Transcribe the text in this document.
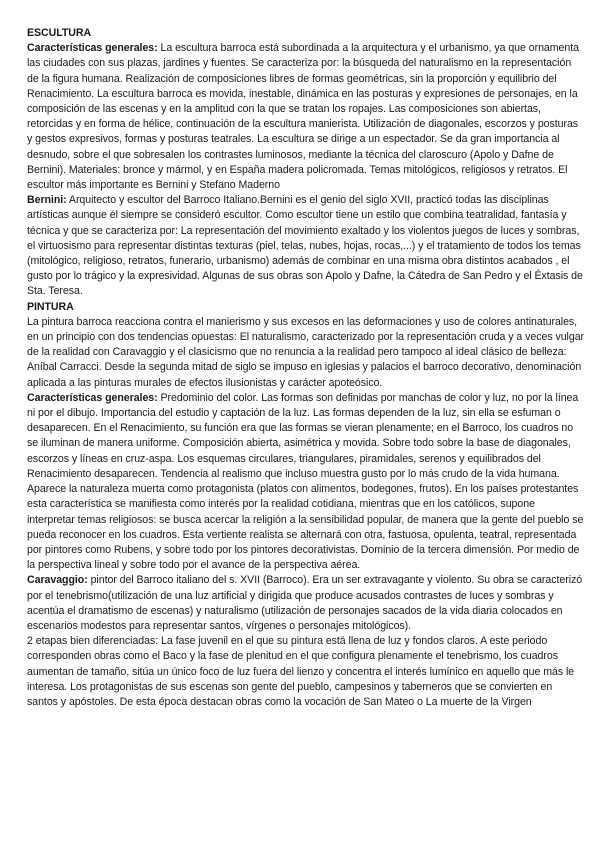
ESCULTURA

Características generales: La escultura barroca está subordinada a la arquitectura y el urbanismo, ya que ornamenta las ciudades con sus plazas, jardines y fuentes. Se caracteriza por: la búsqueda del naturalismo en la representación de la figura humana. Realización de composiciones libres de formas geométricas, sin la proporción y equilibrio del Renacimiento. La escultura barroca es movida, inestable, dinámica en las posturas y expresiones de personajes, en la composición de las escenas y en la amplitud con la que se tratan los ropajes. Las composiciones son abiertas, retorcidas y en forma de hélice, continuación de la escultura manierista. Utilización de diagonales, escorzos y posturas y gestos expresivos, formas y posturas teatrales. La escultura se dirige a un espectador. Se da gran importancia al desnudo, sobre el que sobresalen los contrastes luminosos, mediante la técnica del claroscuro (Apolo y Dafne de Bernini). Materiales: bronce y mármol, y en España madera policromada. Temas mitológicos, religiosos y retratos. El escultor más importante es Bernini y Stefano Maderno

Bernini: Arquitecto y escultor del Barroco Italiano.Bernini es el genio del siglo XVII, practicó todas las disciplinas artísticas aunque él siempre se consideró escultor. Como escultor tiene un estilo que combina teatralidad, fantasía y técnica y que se caracteriza por: La representación del movimiento exaltado y los violentos juegos de luces y sombras, el virtuosismo para representar distintas texturas (piel, telas, nubes, hojas, rocas,...) y el tratamiento de todos los temas (mitológico, religioso, retratos, funerario, urbanismo) además de combinar en una misma obra distintos acabados , el gusto por lo trágico y la expresividad. Algunas de sus obras son Apolo y Dafne, la Cátedra de San Pedro y el Éxtasis de Sta. Teresa.

PINTURA

La pintura barroca reacciona contra el manierismo y sus excesos en las deformaciones y uso de colores antinaturales, en un principio con dos tendencias opuestas: El naturalismo, caracterizado por la representación cruda y a veces vulgar de la realidad con Caravaggio y el clasicismo que no renuncia a la realidad pero tampoco al ideal clásico de belleza: Aníbal Carracci. Desde la segunda mitad de siglo se impuso en iglesias y palacios el barroco decorativo, denominación aplicada a las pinturas murales de efectos ilusionistas y carácter apoteósico.

Características generales: Predominio del color. Las formas son definidas por manchas de color y luz, no por la línea ni por el dibujo. Importancia del estudio y captación de la luz. Las formas dependen de la luz, sin ella se esfuman o desaparecen. En el Renacimiento, su función era que las formas se vieran plenamente; en el Barroco, los cuadros no se iluminan de manera uniforme. Composición abierta, asimétrica y movida. Sobre todo sobre la base de diagonales, escorzos y líneas en cruz-aspa. Los esquemas circulares, triangulares, piramidales, serenos y equilibrados del Renacimiento desaparecen. Tendencia al realismo que incluso muestra gusto por lo más crudo de la vida humana. Aparece la naturaleza muerta como protagonista (platos con alimentos, bodegones, frutos). En los países protestantes esta característica se manifiesta como interés por la realidad cotidiana, mientras que en los católicos, supone interpretar temas religiosos: se busca acercar la religión a la sensibilidad popular, de manera que la gente del pueblo se pueda reconocer en los cuadros. Esta vertiente realista se alternará con otra, fastuosa, opulenta, teatral, representada por pintores como Rubens, y sobre todo por los pintores decorativistas. Dominio de la tercera dimensión. Por medio de la perspectiva lineal y sobre todo por el avance de la perspectiva aérea.

Caravaggio: pintor del Barroco italiano del s. XVII (Barroco). Era un ser extravagante y violento. Su obra se caracterizó por el tenebrismo(utilización de una luz artificial y dirigida que produce acusados contrastes de luces y sombras y acentúa el dramatismo de escenas) y naturalismo (utilización de personajes sacados de la vida diaria colocados en escenarios modestos para representar santos, vírgenes o personajes mitológicos).

2 etapas bien diferenciadas: La fase juvenil en el que su pintura está llena de luz y fondos claros. A este periodo corresponden obras como el Baco y la fase de plenitud en el que configura plenamente el tenebrismo, los cuadros aumentan de tamaño, sitúa un único foco de luz fuera del lienzo y concentra el interés lumínico en aquello que más le interesa. Los protagonistas de sus escenas son gente del pueblo, campesinos y taberneros que se convierten en santos y apóstoles. De esta época destacan obras como la vocación de San Mateo o La muerte de la Virgen
